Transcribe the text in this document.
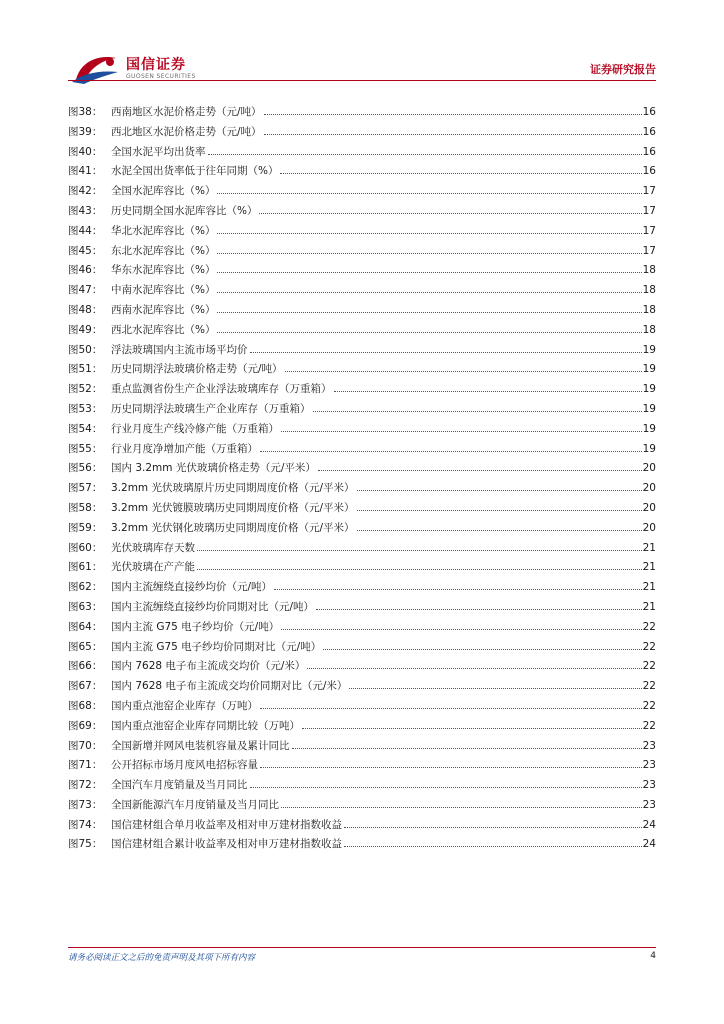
国信证券
GUOSEN SECURITIES
证券研究报告
图38： 西南地区水泥价格走势（元/吨）	16
图39： 西北地区水泥价格走势（元/吨）	16
图40： 全国水泥平均出货率	16
图41： 水泥全国出货率低于往年同期（%）	16
图42： 全国水泥库容比（%）	17
图43： 历史同期全国水泥库容比（%）	17
图44： 华北水泥库容比（%）	17
图45： 东北水泥库容比（%）	17
图46： 华东水泥库容比（%）	18
图47： 中南水泥库容比（%）	18
图48： 西南水泥库容比（%）	18
图49： 西北水泥库容比（%）	18
图50： 浮法玻璃国内主流市场平均价	19
图51： 历史同期浮法玻璃价格走势（元/吨）	19
图52： 重点监测省份生产企业浮法玻璃库存（万重箱）	19
图53： 历史同期浮法玻璃生产企业库存（万重箱）	19
图54： 行业月度生产线冷修产能（万重箱）	19
图55： 行业月度净增加产能（万重箱）	19
图56： 国内 3.2mm 光伏玻璃价格走势（元/平米）	20
图57： 3.2mm 光伏玻璃原片历史同期周度价格（元/平米）	20
图58： 3.2mm 光伏镀膜玻璃历史同期周度价格（元/平米）	20
图59： 3.2mm 光伏钢化玻璃历史同期周度价格（元/平米）	20
图60： 光伏玻璃库存天数	21
图61： 光伏玻璃在产产能	21
图62： 国内主流缠绕直接纱均价（元/吨）	21
图63： 国内主流缠绕直接纱均价同期对比（元/吨）	21
图64： 国内主流 G75 电子纱均价（元/吨）	22
图65： 国内主流 G75 电子纱均价同期对比（元/吨）	22
图66： 国内 7628 电子布主流成交均价（元/米）	22
图67： 国内 7628 电子布主流成交均价同期对比（元/米）	22
图68： 国内重点池窑企业库存（万吨）	22
图69： 国内重点池窑企业库存同期比较（万吨）	22
图70： 全国新增并网风电装机容量及累计同比	23
图71： 公开招标市场月度风电招标容量	23
图72： 全国汽车月度销量及当月同比	23
图73： 全国新能源汽车月度销量及当月同比	23
图74： 国信建材组合单月收益率及相对申万建材指数收益	24
图75： 国信建材组合累计收益率及相对申万建材指数收益	24
请务必阅读正文之后的免责声明及其项下所有内容	4
